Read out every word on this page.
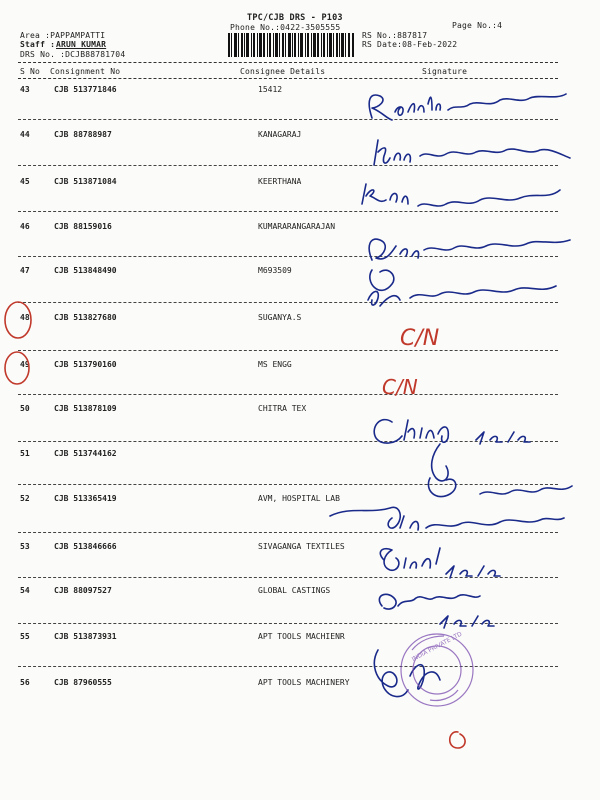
TPC/CJB DRS - P103
Phone No.:0422-3505555	Page No.:4
Area :PAPPAMPATTI
Staff : ARUN KUMAR
DRS No. :DCJB88781704
RS No.:887817
RS Date:08-Feb-2022
S No Consignment No	Consignee Details	Signature
43	CJB 513771846	15412
44	CJB 88788987	KANAGARAJ
45	CJB 513871084	KEERTHANA
46	CJB 88159016	KUMARARANGARAJAN
47	CJB 513848490	M693509
48	CJB 513827680	SUGANYA.S
49	CJB 513790160	MS ENGG
50	CJB 513878109	CHITRA TEX
51	CJB 513744162
52	CJB 513365419	AVM, HOSPITAL LAB
53	CJB 513846666	SIVAGANGA TEXTILES
54	CJB 88097527	GLOBAL CASTINGS
55	CJB 513873931	APT TOOLS MACHIENR
56	CJB 87960555	APT TOOLS MACHINERY
INDIA PRIVATE LTD
C/N
C/N
